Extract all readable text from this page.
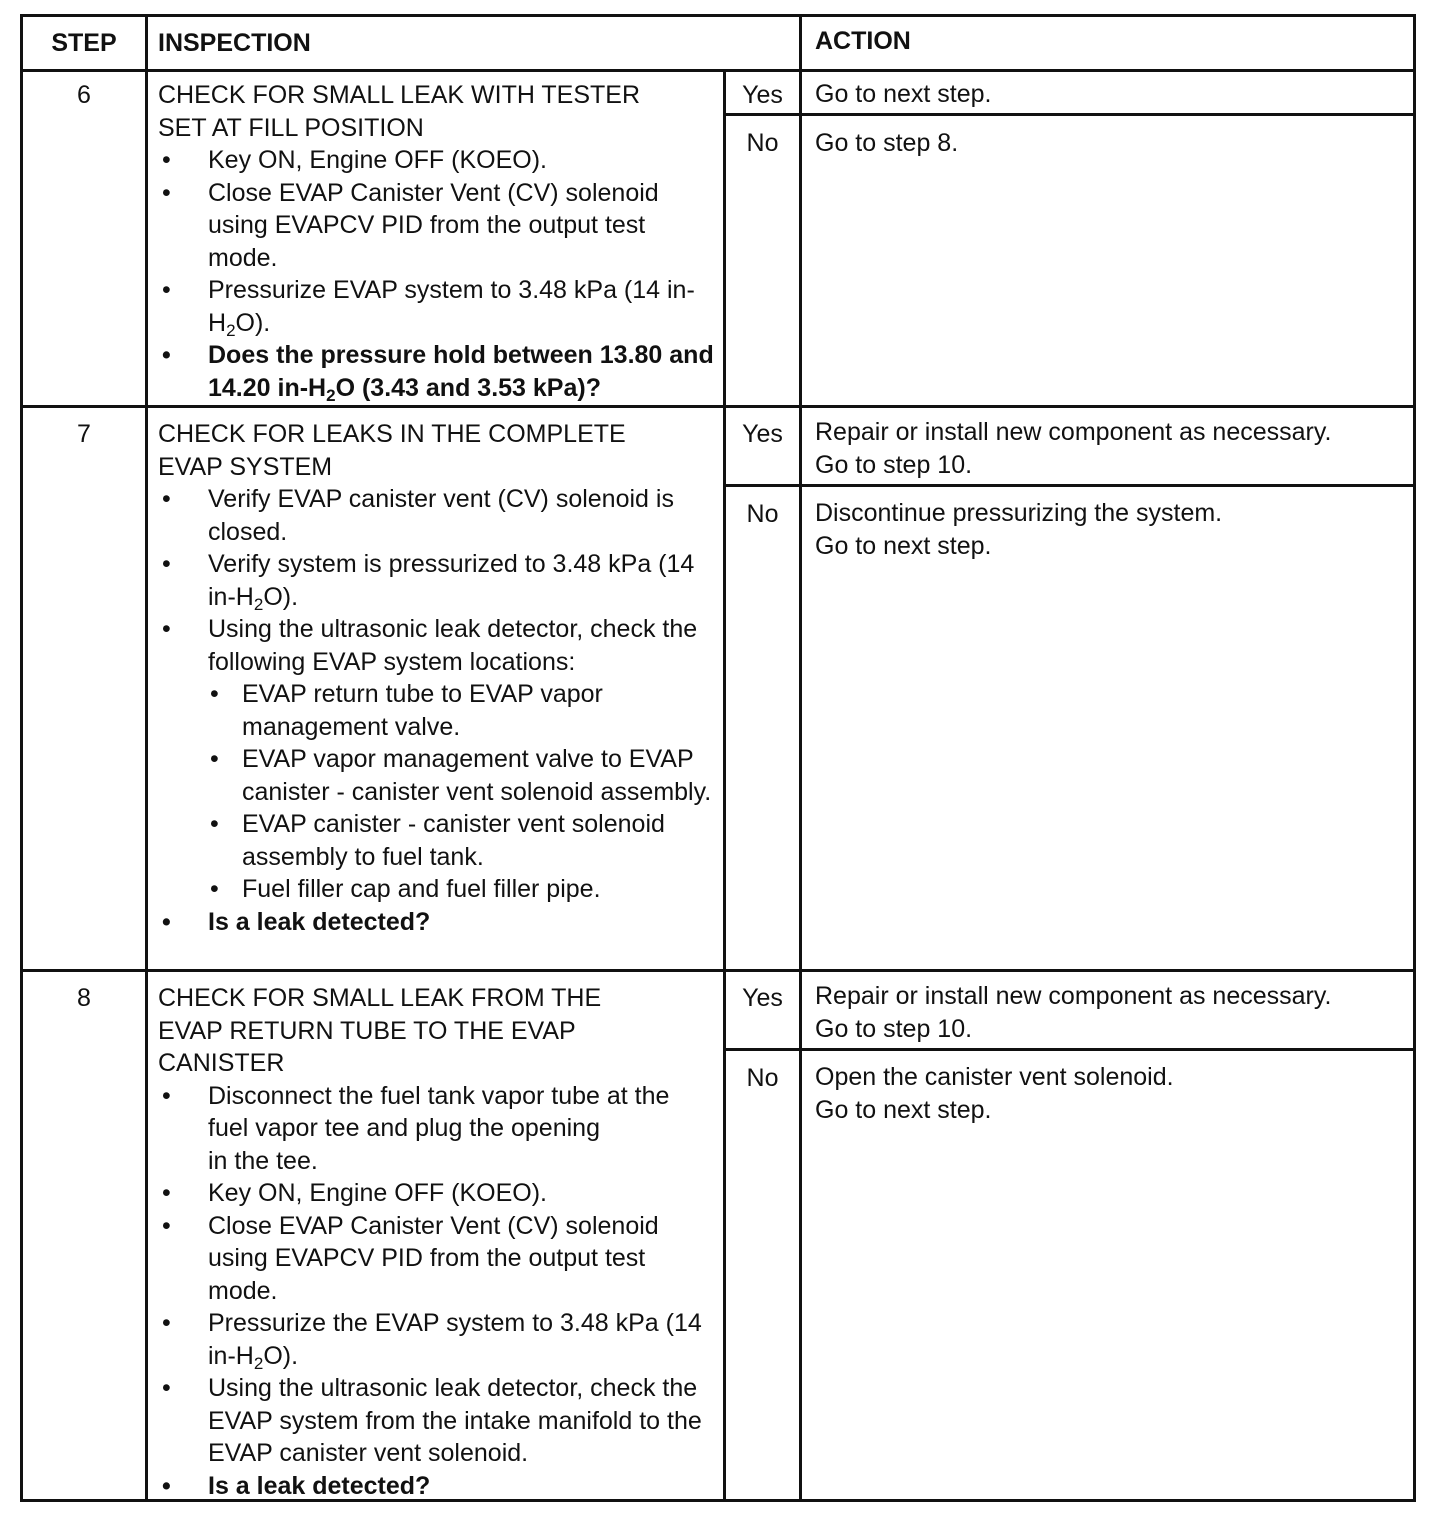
STEP	INSPECTION	ACTION
6	CHECK FOR SMALL LEAK WITH TESTER
SET AT FILL POSITION
• Key ON, Engine OFF (KOEO).
• Close EVAP Canister Vent (CV) solenoid using EVAPCV PID from the output test mode.
• Pressurize EVAP system to 3.48 kPa (14 $in-H_2O$).
• Does the pressure hold between 13.80 and 14.20 $in-H_2O$ (3.43 and 3.53 kPa)?
Yes	Go to next step.
No	Go to step 8.
7	CHECK FOR LEAKS IN THE COMPLETE
EVAP SYSTEM
• Verify EVAP canister vent (CV) solenoid is closed.
• Verify system is pressurized to 3.48 kPa (14 $in-H_2O$).
• Using the ultrasonic leak detector, check the following EVAP system locations:
• EVAP return tube to EVAP vapor management valve.
• EVAP vapor management valve to EVAP canister - canister vent solenoid assembly.
• EVAP canister - canister vent solenoid assembly to fuel tank.
• Fuel filler cap and fuel filler pipe.
• Is a leak detected?
Yes	Repair or install new component as necessary.
Go to step 10.
No	Discontinue pressurizing the system.
Go to next step.
8	CHECK FOR SMALL LEAK FROM THE
EVAP RETURN TUBE TO THE EVAP
CANISTER
• Disconnect the fuel tank vapor tube at the
fuel vapor tee and plug the opening
in the tee.
• Key ON, Engine OFF (KOEO).
• Close EVAP Canister Vent (CV) solenoid using EVAPCV PID from the output test mode.
• Pressurize the EVAP system to 3.48 kPa (14 $in-H_2O$).
• Using the ultrasonic leak detector, check the EVAP system from the intake manifold to the EVAP canister vent solenoid.
• Is a leak detected?
Yes	Repair or install new component as necessary.
Go to step 10.
No	Open the canister vent solenoid.
Go to next step.
